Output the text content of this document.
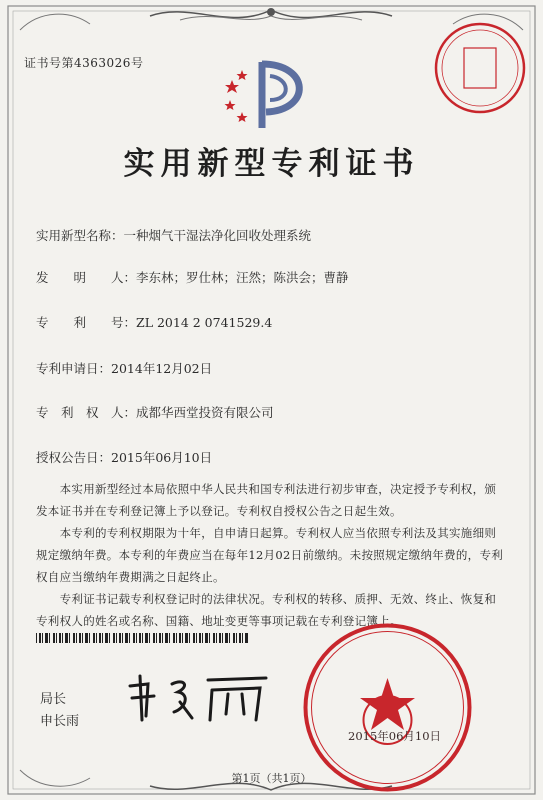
证书号第4363026号
实用新型专利证书
实用新型名称：一种烟气干湿法净化回收处理系统
发　　明　　人：李东林；罗仕林；汪然；陈洪会；曹静
专　　利　　号：ZL 2014 2 0741529.4
专利申请日：2014年12月02日
专　利　权　人：成都华西堂投资有限公司
授权公告日：2015年06月10日

　　本实用新型经过本局依照中华人民共和国专利法进行初步审查，决定授予专利权，颁发本证书并在专利登记簿上予以登记。专利权自授权公告之日起生效。

　　本专利的专利权期限为十年，自申请日起算。专利权人应当依照专利法及其实施细则规定缴纳年费。本专利的年费应当在每年12月02日前缴纳。未按照规定缴纳年费的，专利权自应当缴纳年费期满之日起终止。

　　专利证书记载专利权登记时的法律状况。专利权的转移、质押、无效、终止、恢复和专利权人的姓名或名称、国籍、地址变更等事项记载在专利登记簿上。

局长
申长雨
2015年06月10日
第1页（共1页）
